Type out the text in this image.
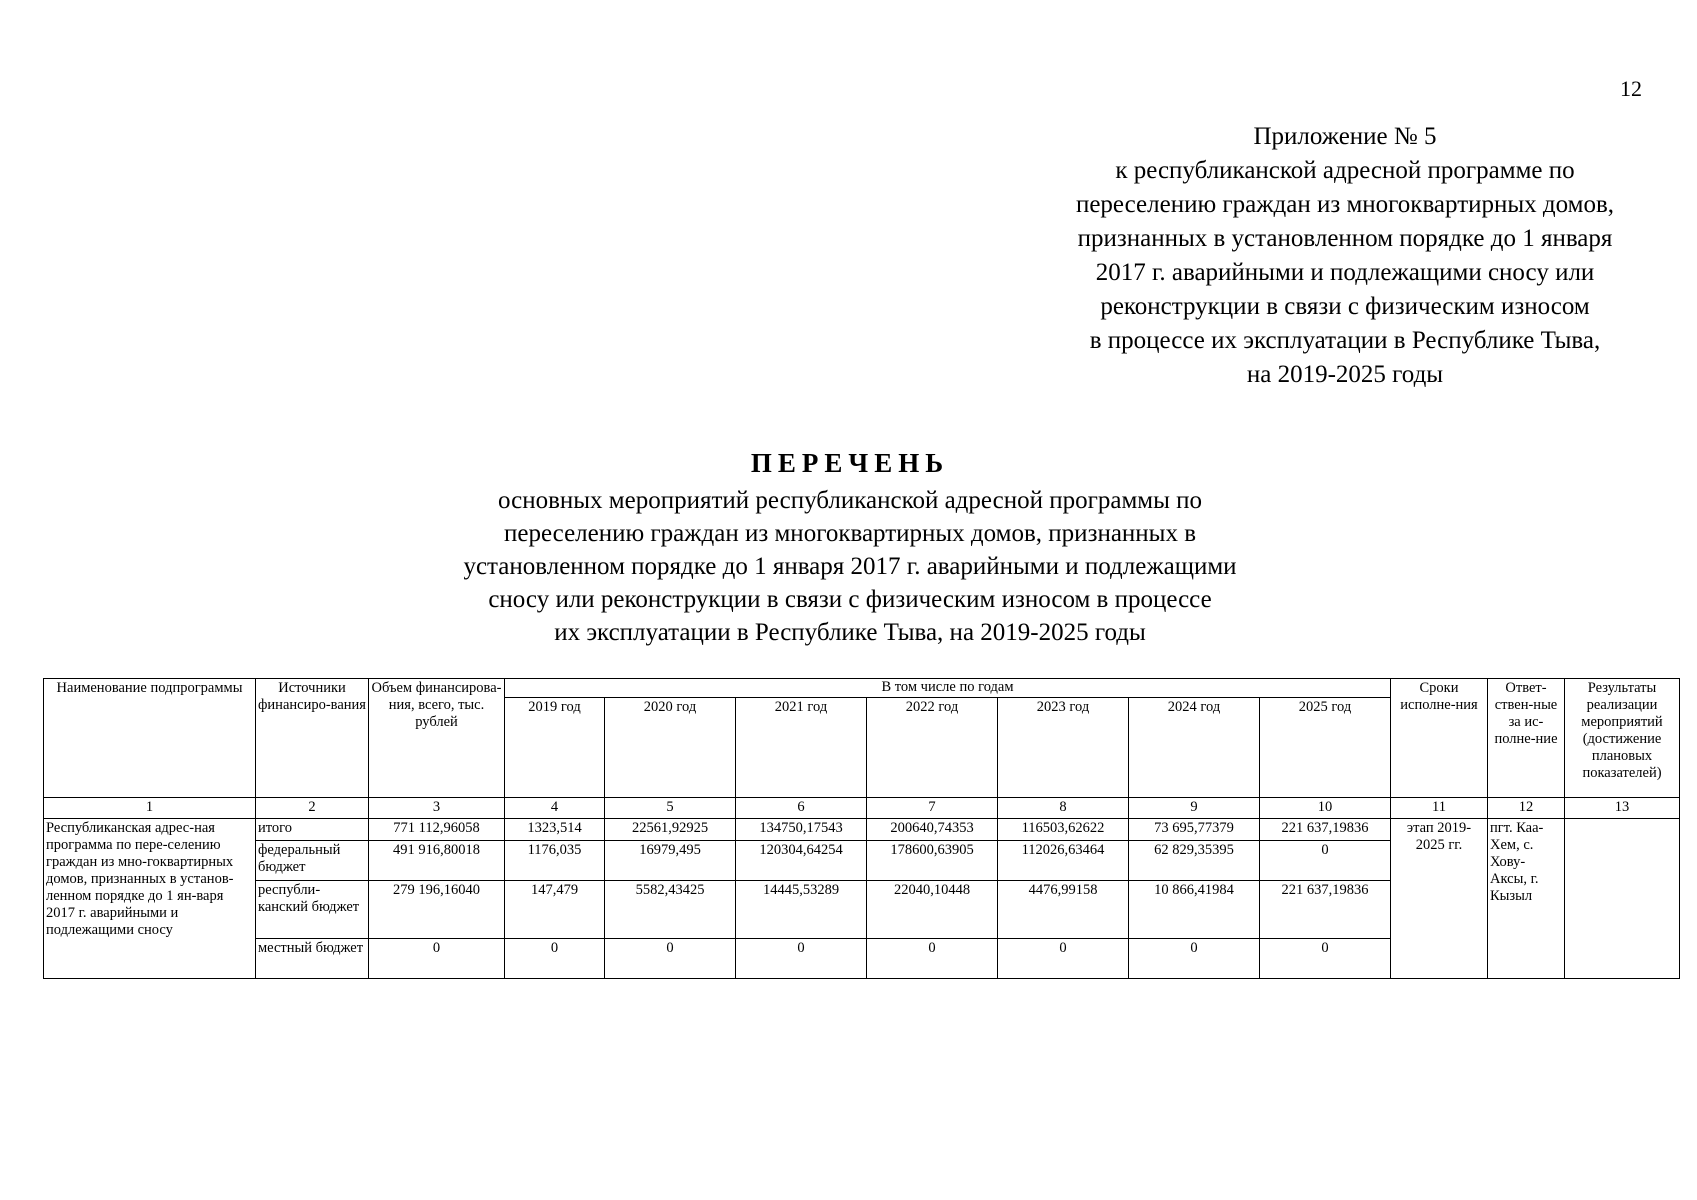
12
Приложение № 5
к республиканской адресной программе по
переселению граждан из многоквартирных домов,
признанных в установленном порядке до 1 января
2017 г. аварийными и подлежащими сносу или
реконструкции в связи с физическим износом
в процессе их эксплуатации в Республике Тыва,
на 2019-2025 годы
ПЕРЕЧЕНЬ
основных мероприятий республиканской адресной программы по
переселению граждан из многоквартирных домов, признанных в
установленном порядке до 1 января 2017 г. аварийными и подлежащими
сносу или реконструкции в связи с физическим износом в процессе
их эксплуатации в Республике Тыва, на 2019-2025 годы
Наименование подпрограммы	Источники финансиро-вания	Объем финансирова-ния, всего, тыс. рублей	В том числе по годам							Сроки исполне-ния	Ответ-ствен-ные за ис-полне-ние	Результаты реализации мероприятий (достижение плановых показателей)
			2019 год	2020 год	2021 год	2022 год	2023 год	2024 год	2025 год			
1	2	3	4	5	6	7	8	9	10	11	12	13
Республиканская адрес-ная программа по пере-селению граждан из мно-гоквартирных домов, признанных в установ-ленном порядке до 1 ян-варя 2017 г. аварийными и подлежащими сносу	итого	771 112,96058	1323,514	22561,92925	134750,17543	200640,74353	116503,62622	73 695,77379	221 637,19836	этап 2019-2025 гг.	пгт. Каа-Хем, с. Хову-Аксы, г. Кызыл	
	федеральный бюджет	491 916,80018	1176,035	16979,495	120304,64254	178600,63905	112026,63464	62 829,35395	0			
	республи-канский бюджет	279 196,16040	147,479	5582,43425	14445,53289	22040,10448	4476,99158	10 866,41984	221 637,19836			
	местный бюджет	0	0	0	0	0	0	0	0			
